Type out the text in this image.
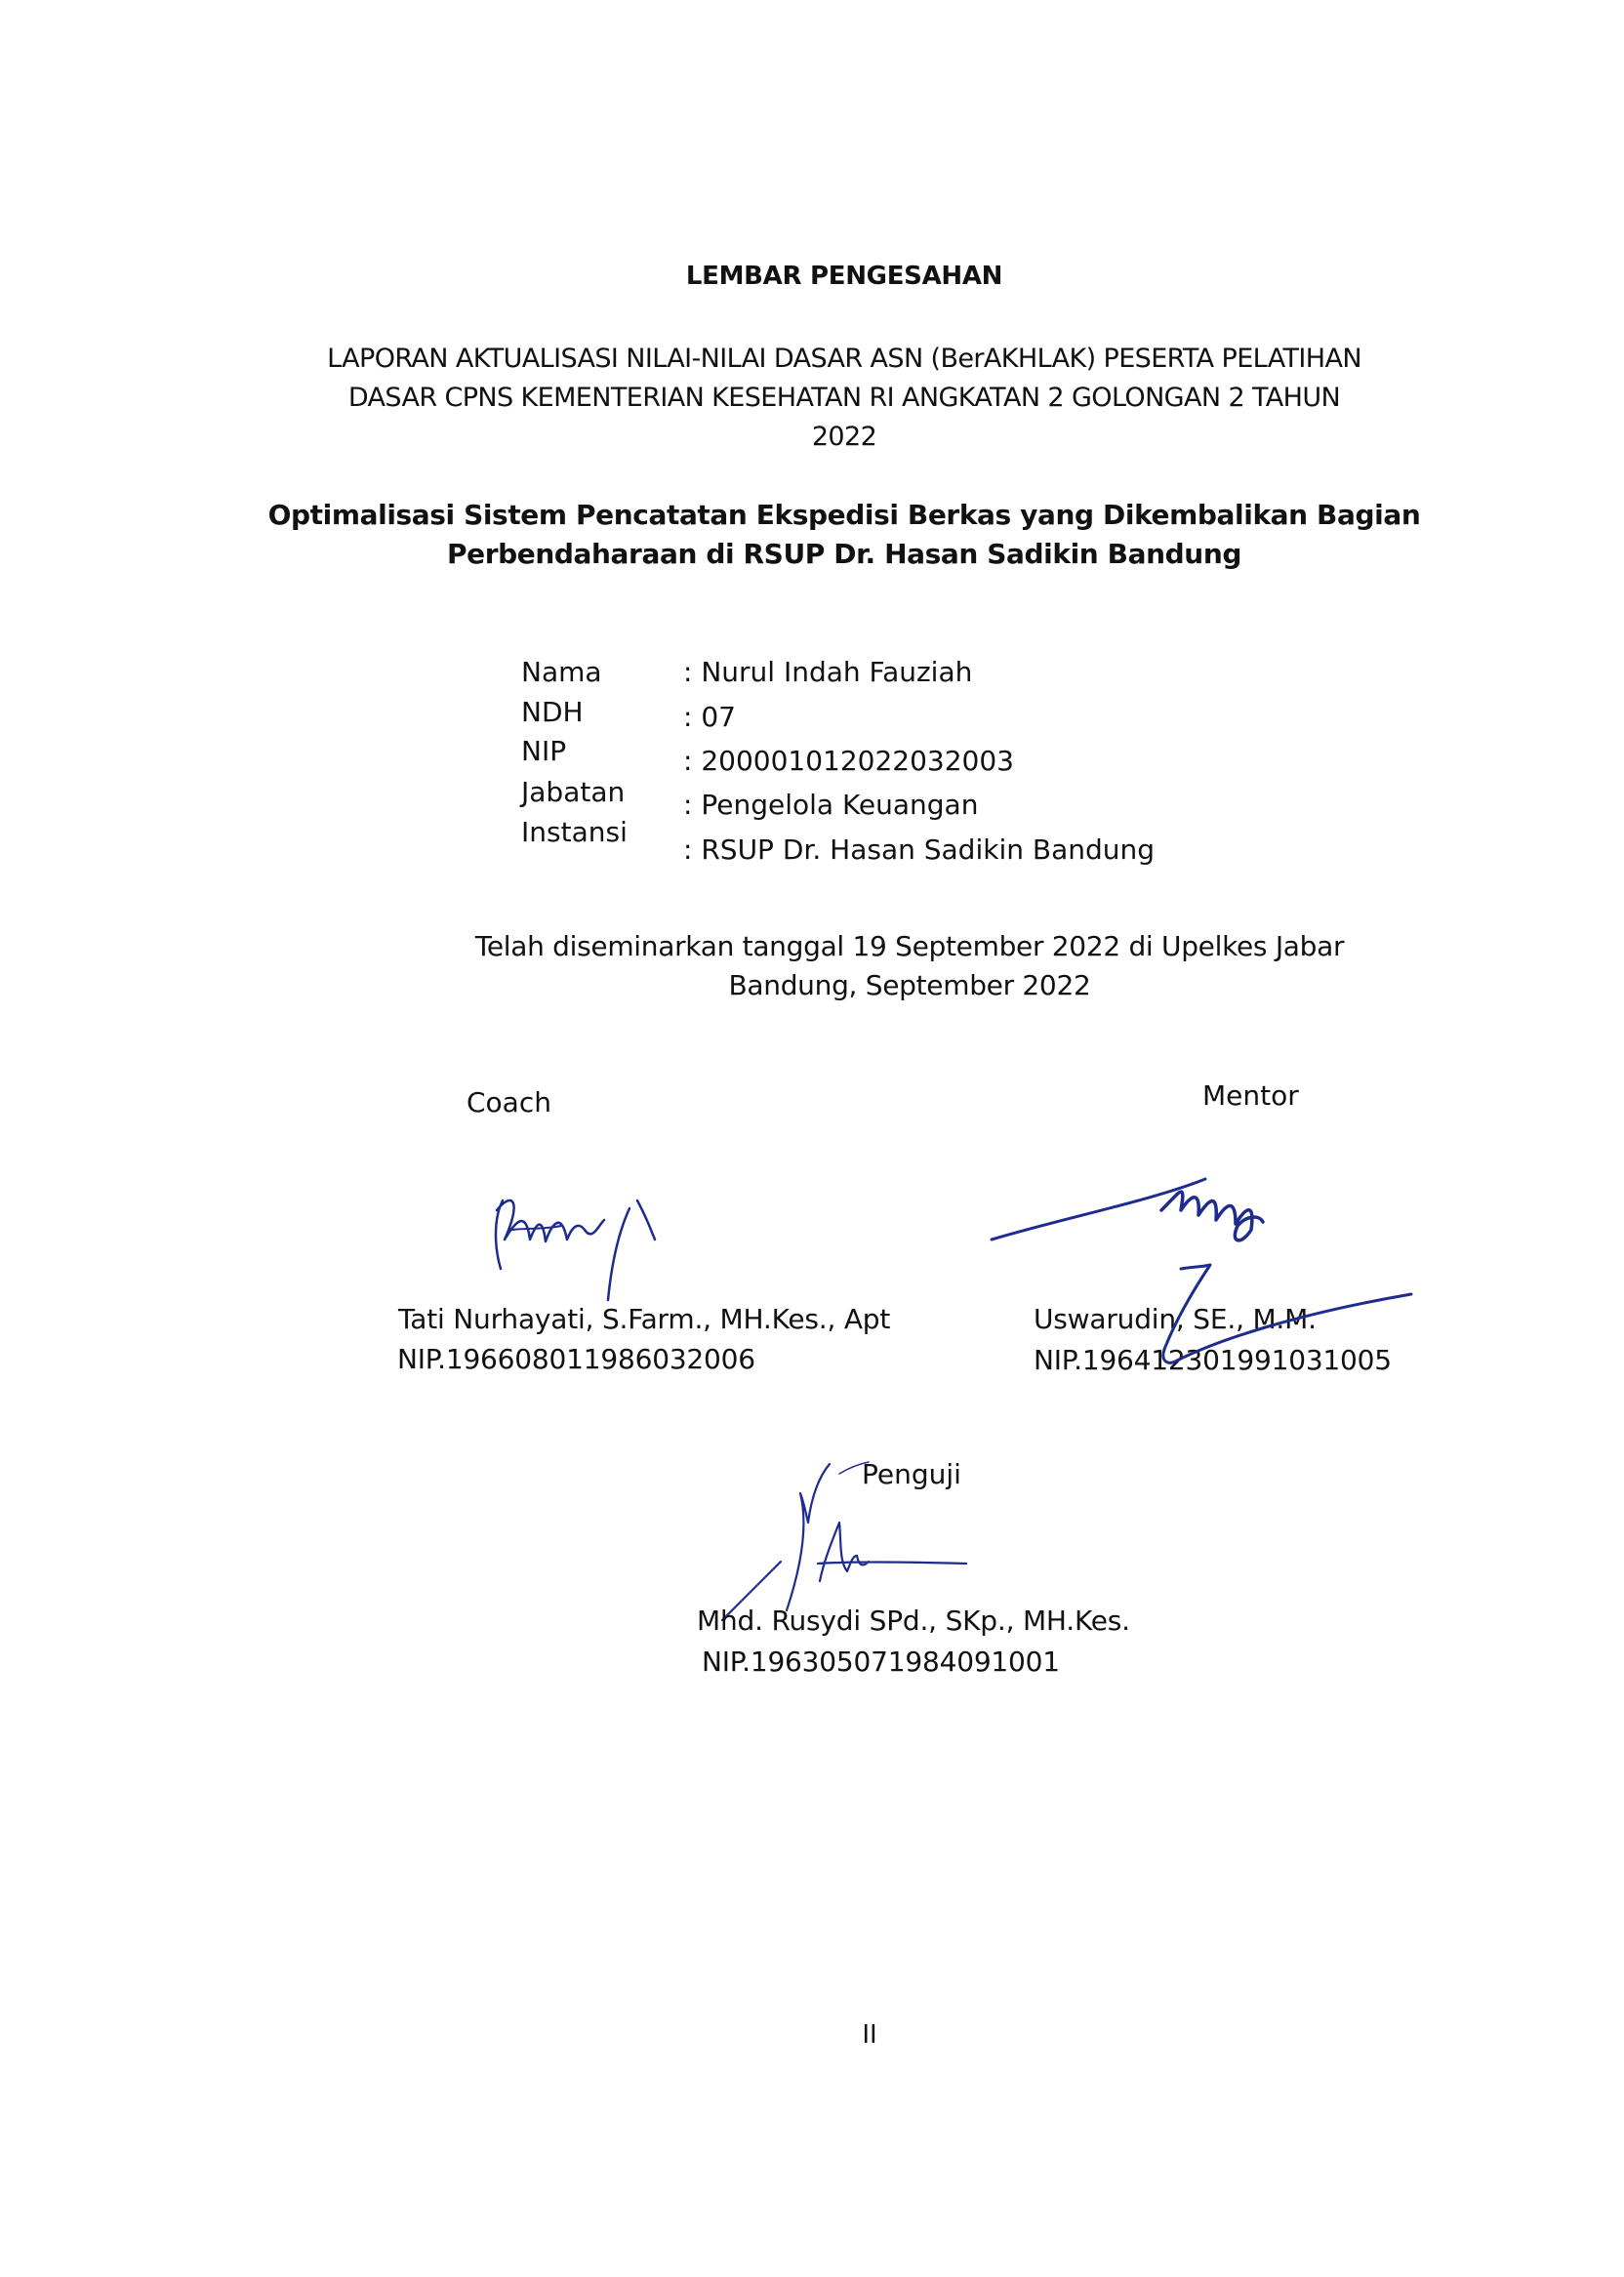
LEMBAR PENGESAHAN
LAPORAN AKTUALISASI NILAI-NILAI DASAR ASN (BerAKHLAK) PESERTA PELATIHAN
DASAR CPNS KEMENTERIAN KESEHATAN RI ANGKATAN 2 GOLONGAN 2 TAHUN
2022
Optimalisasi Sistem Pencatatan Ekspedisi Berkas yang Dikembalikan Bagian
Perbendaharaan di RSUP Dr. Hasan Sadikin Bandung
Nama
NDH
NIP
Jabatan
Instansi
: Nurul Indah Fauziah
: 07
: 200001012022032003
: Pengelola Keuangan
: RSUP Dr. Hasan Sadikin Bandung
Telah diseminarkan tanggal 19 September 2022 di Upelkes Jabar
Bandung, September 2022
Coach
Tati Nurhayati, S.Farm., MH.Kes., Apt
NIP.196608011986032006
Mentor
Uswarudin, SE., M.M.
NIP.196412301991031005
Penguji
Mhd. Rusydi SPd., SKp., MH.Kes.
NIP.196305071984091001
II
